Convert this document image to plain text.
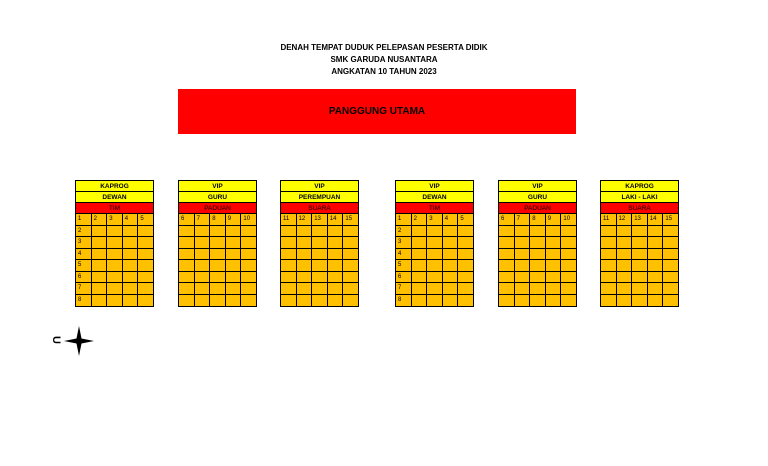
DENAH TEMPAT DUDUK PELEPASAN PESERTA DIDIK
SMK GARUDA NUSANTARA
ANGKATAN 10 TAHUN 2023
PANGGUNG UTAMA
KAPROG
DEWAN
TIM
1	2	3	4	5
2
3
4
5
6
7
8
VIP
GURU
PADUAN
6	7	8	9	10
VIP
PEREMPUAN
SUARA
11	12	13	14	15
VIP
DEWAN
TIM
1	2	3	4	5
2
3
4
5
6
7
8
VIP
GURU
PADUAN
6	7	8	9	10
KAPROG
LAKI - LAKI
SUARA
11	12	13	14	15
U
